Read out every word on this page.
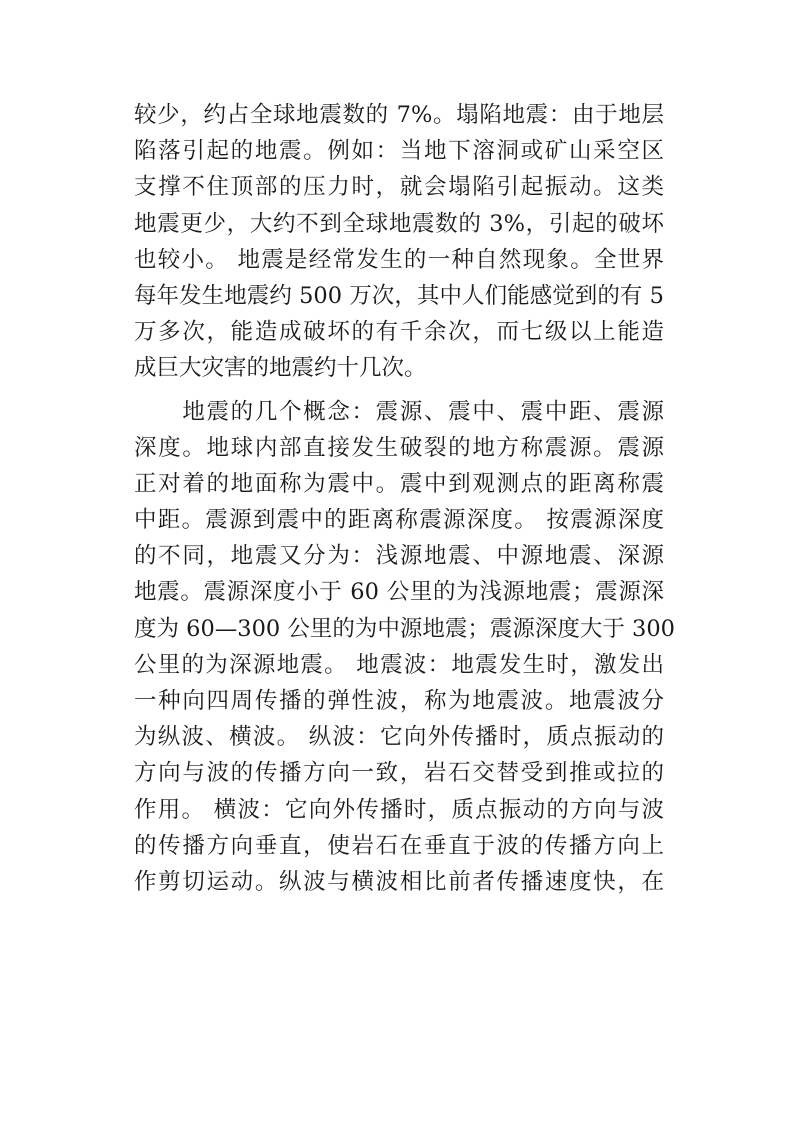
较少，约占全球地震数的 7%。塌陷地震：由于地层
陷落引起的地震。例如：当地下溶洞或矿山采空区
支撑不住顶部的压力时，就会塌陷引起振动。这类
地震更少，大约不到全球地震数的 3%，引起的破坏
也较小。 地震是经常发生的一种自然现象。全世界
每年发生地震约 500 万次，其中人们能感觉到的有 5
万多次，能造成破坏的有千余次，而七级以上能造
成巨大灾害的地震约十几次。
　　地震的几个概念：震源、震中、震中距、震源
深度。地球内部直接发生破裂的地方称震源。震源
正对着的地面称为震中。震中到观测点的距离称震
中距。震源到震中的距离称震源深度。 按震源深度
的不同，地震又分为：浅源地震、中源地震、深源
地震。震源深度小于 60 公里的为浅源地震；震源深
度为 60—300 公里的为中源地震；震源深度大于 300
公里的为深源地震。 地震波：地震发生时，激发出
一种向四周传播的弹性波，称为地震波。地震波分
为纵波、横波。 纵波：它向外传播时，质点振动的
方向与波的传播方向一致，岩石交替受到推或拉的
作用。 横波：它向外传播时，质点振动的方向与波
的传播方向垂直，使岩石在垂直于波的传播方向上
作剪切运动。纵波与横波相比前者传播速度快，在
